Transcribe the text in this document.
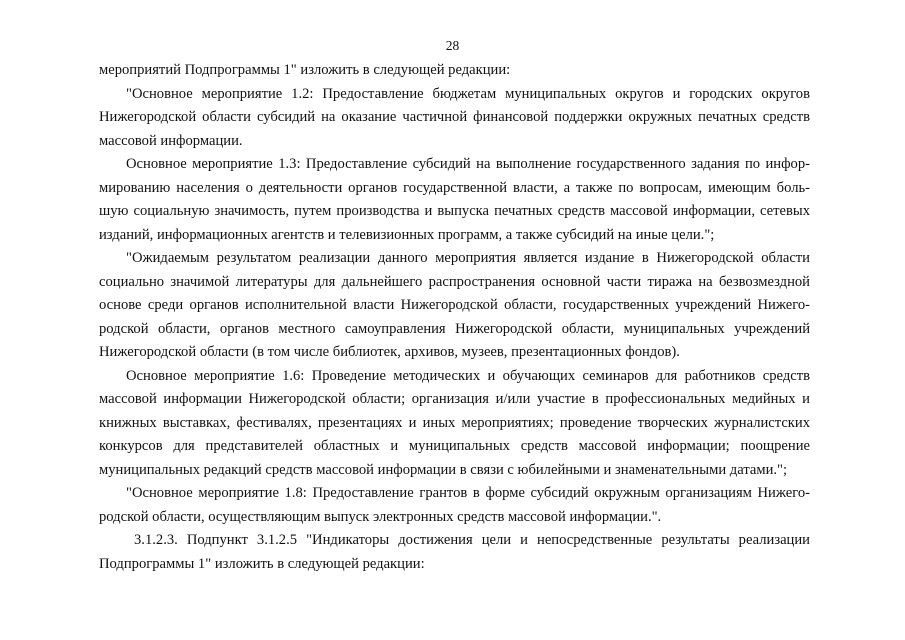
28
мероприятий Подпрограммы 1" изложить в следующей редакции:
"Основное мероприятие 1.2: Предоставление бюджетам муниципальных округов и городских округов
Нижегородской области субсидий на оказание частичной финансовой поддержки окружных печатных средств
массовой информации.
Основное мероприятие 1.3: Предоставление субсидий на выполнение государственного задания по инфор-
мированию населения о деятельности органов государственной власти, а также по вопросам, имеющим боль-
шую социальную значимость, путем производства и выпуска печатных средств массовой информации, сетевых
изданий, информационных агентств и телевизионных программ, а также субсидий на иные цели.";
"Ожидаемым результатом реализации данного мероприятия является издание в Нижегородской области
социально значимой литературы для дальнейшего распространения основной части тиража на безвозмездной
основе среди органов исполнительной власти Нижегородской области, государственных учреждений Нижего-
родской области, органов местного самоуправления Нижегородской области, муниципальных учреждений
Нижегородской области (в том числе библиотек, архивов, музеев, презентационных фондов).
Основное мероприятие 1.6: Проведение методических и обучающих семинаров для работников средств
массовой информации Нижегородской области; организация и/или участие в профессиональных медийных и
книжных выставках, фестивалях, презентациях и иных мероприятиях; проведение творческих журналистских
конкурсов для представителей областных и муниципальных средств массовой информации; поощрение
муниципальных редакций средств массовой информации в связи с юбилейными и знаменательными датами.";
"Основное мероприятие 1.8: Предоставление грантов в форме субсидий окружным организациям Нижего-
родской области, осуществляющим выпуск электронных средств массовой информации.".
3.1.2.3. Подпункт 3.1.2.5 "Индикаторы достижения цели и непосредственные результаты реализации
Подпрограммы 1" изложить в следующей редакции:
